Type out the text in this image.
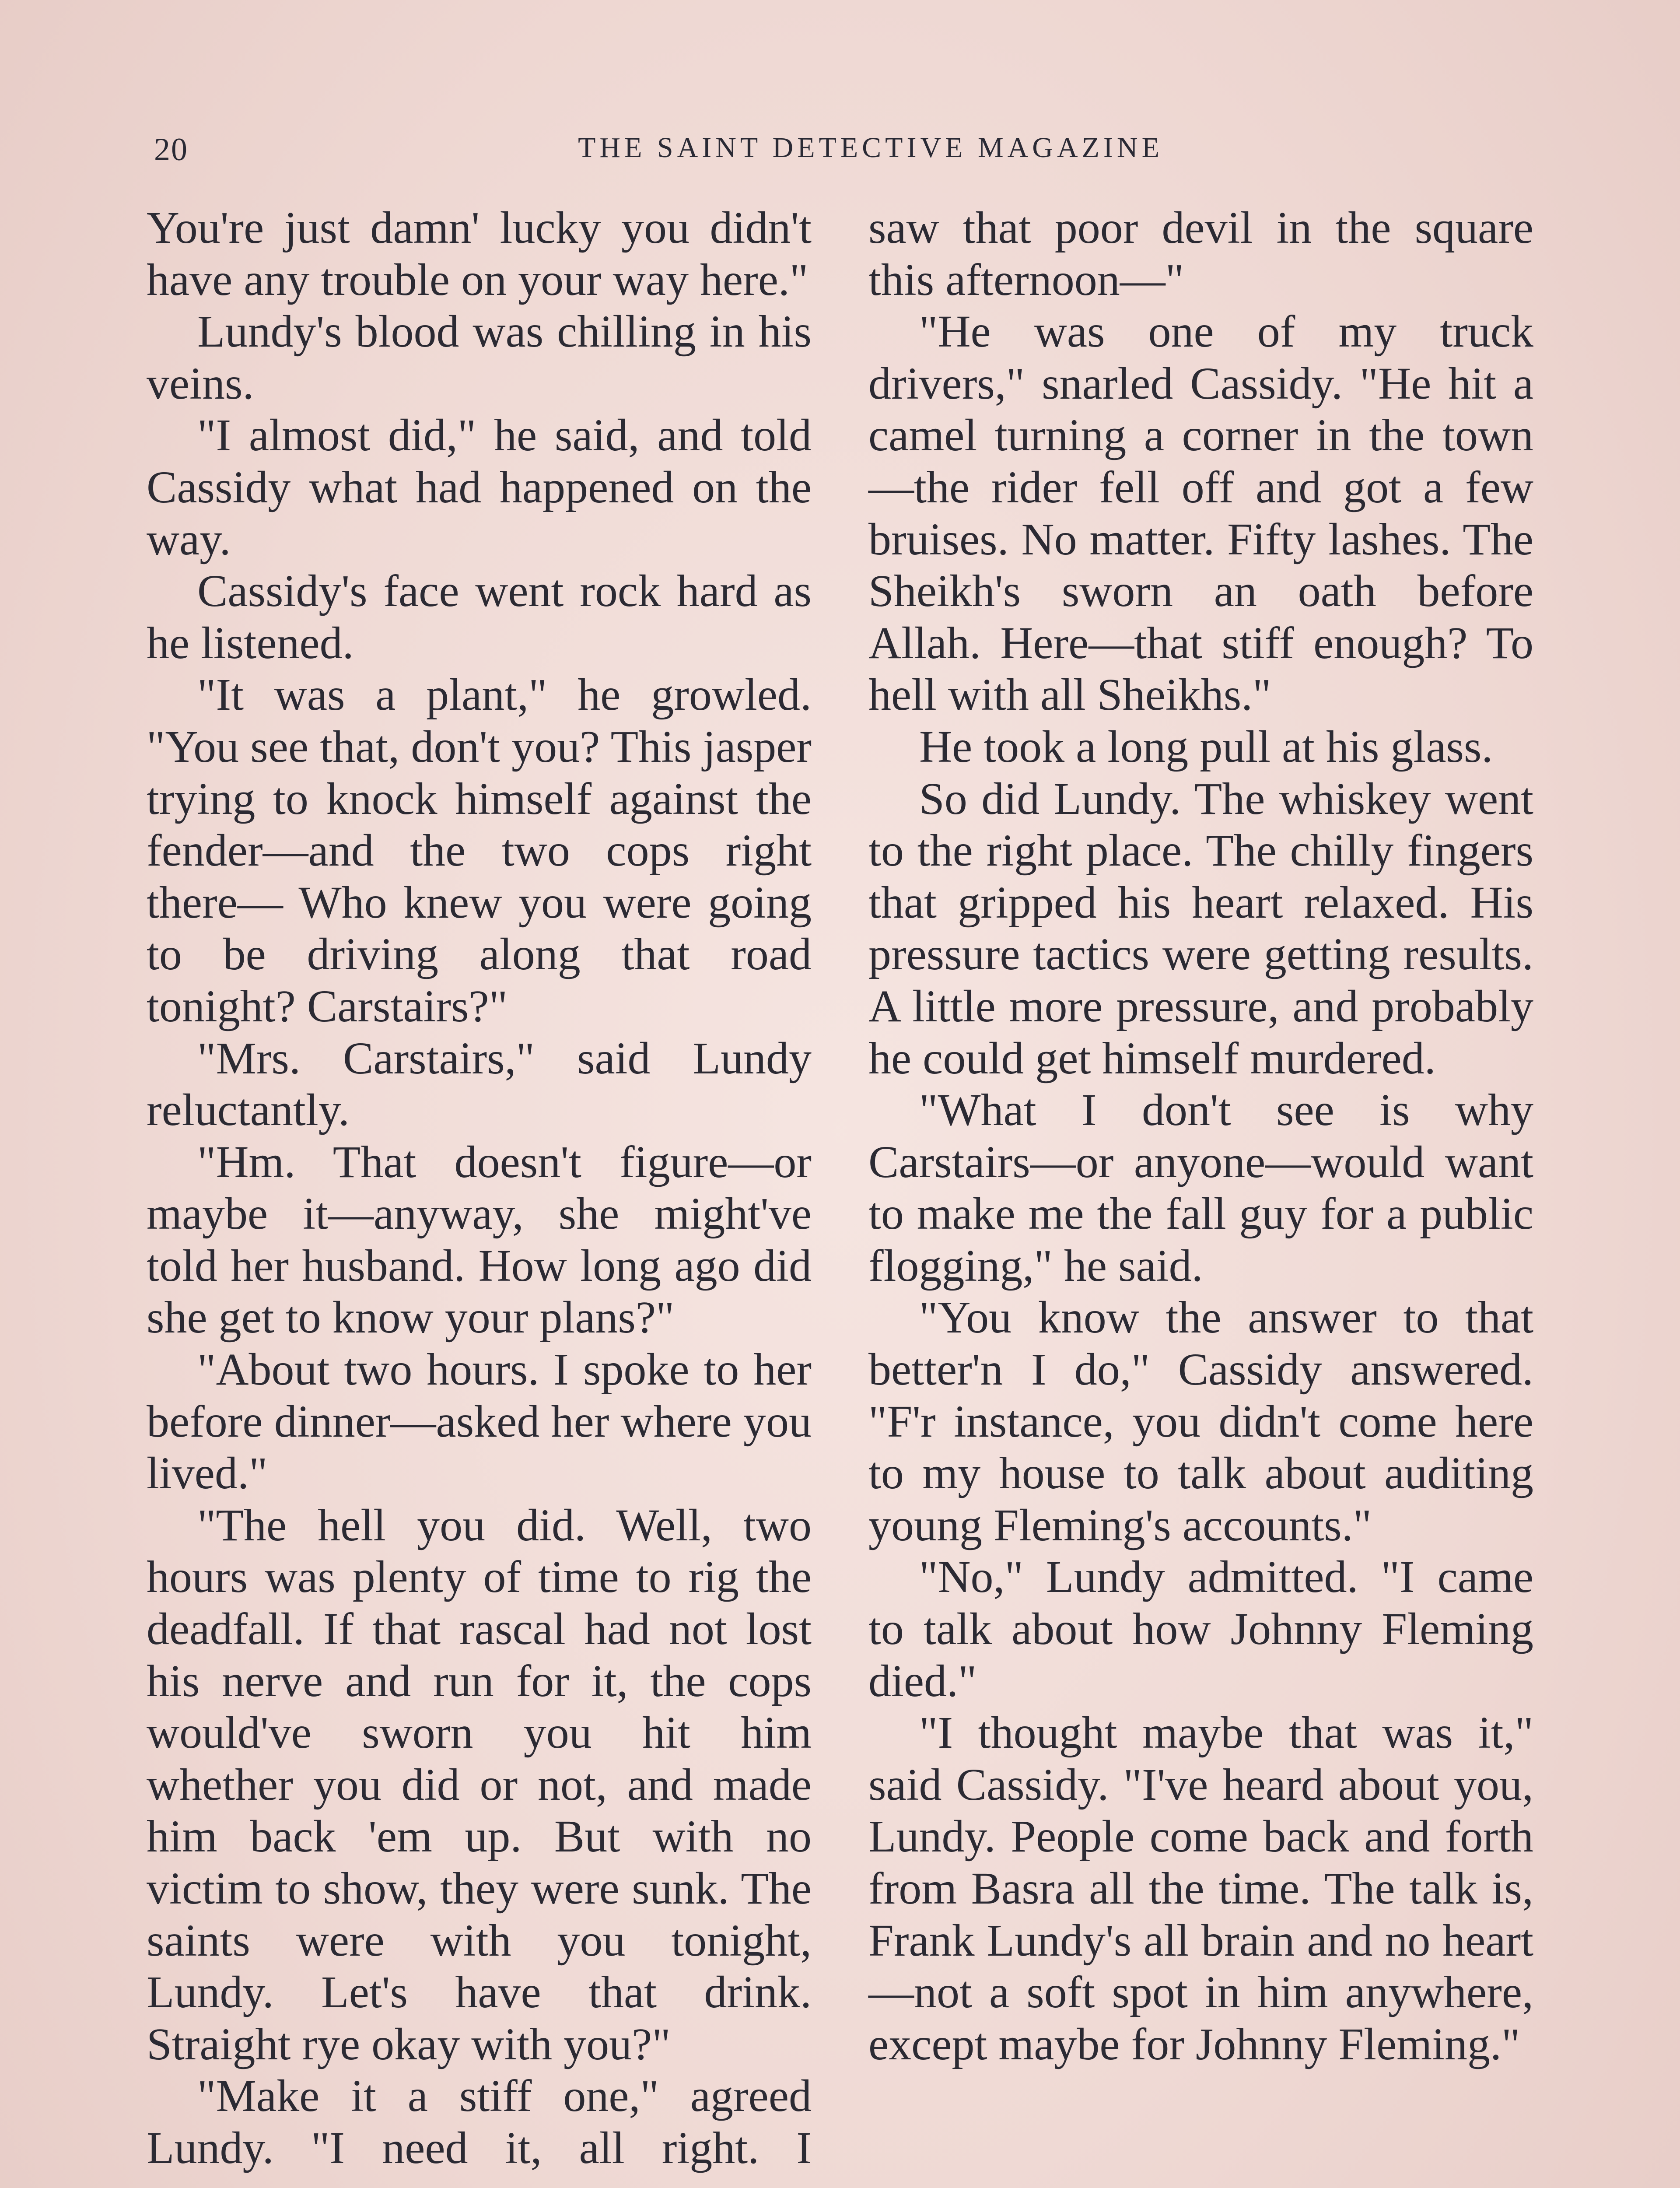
20	THE SAINT DETECTIVE MAGAZINE

You're just damn' lucky you didn't have any trouble on your way here."

Lundy's blood was chilling in his veins.

"I almost did," he said, and told Cassidy what had happened on the way.

Cassidy's face went rock hard as he listened.

"It was a plant," he growled. "You see that, don't you? This jasper trying to knock himself against the fender—and the two cops right there— Who knew you were going to be driving along that road tonight? Carstairs?"

"Mrs. Carstairs," said Lundy reluctantly.

"Hm. That doesn't figure—or maybe it—anyway, she might've told her husband. How long ago did she get to know your plans?"

"About two hours. I spoke to her before dinner—asked her where you lived."

"The hell you did. Well, two hours was plenty of time to rig the deadfall. If that rascal had not lost his nerve and run for it, the cops would've sworn you hit him whether you did or not, and made him back 'em up. But with no victim to show, they were sunk. The saints were with you tonight, Lundy. Let's have that drink. Straight rye okay with you?"

"Make it a stiff one," agreed Lundy. "I need it, all right. I

saw that poor devil in the square this afternoon—"

"He was one of my truck drivers," snarled Cassidy. "He hit a camel turning a corner in the town—the rider fell off and got a few bruises. No matter. Fifty lashes. The Sheikh's sworn an oath before Allah. Here—that stiff enough? To hell with all Sheikhs."

He took a long pull at his glass.

So did Lundy. The whiskey went to the right place. The chilly fingers that gripped his heart relaxed. His pressure tactics were getting results. A little more pressure, and probably he could get himself murdered.

"What I don't see is why Carstairs—or anyone—would want to make me the fall guy for a public flogging," he said.

"You know the answer to that better'n I do," Cassidy answered. "F'r instance, you didn't come here to my house to talk about auditing young Fleming's accounts."

"No," Lundy admitted. "I came to talk about how Johnny Fleming died."

"I thought maybe that was it," said Cassidy. "I've heard about you, Lundy. People come back and forth from Basra all the time. The talk is, Frank Lundy's all brain and no heart—not a soft spot in him anywhere, except maybe for Johnny Fleming."
